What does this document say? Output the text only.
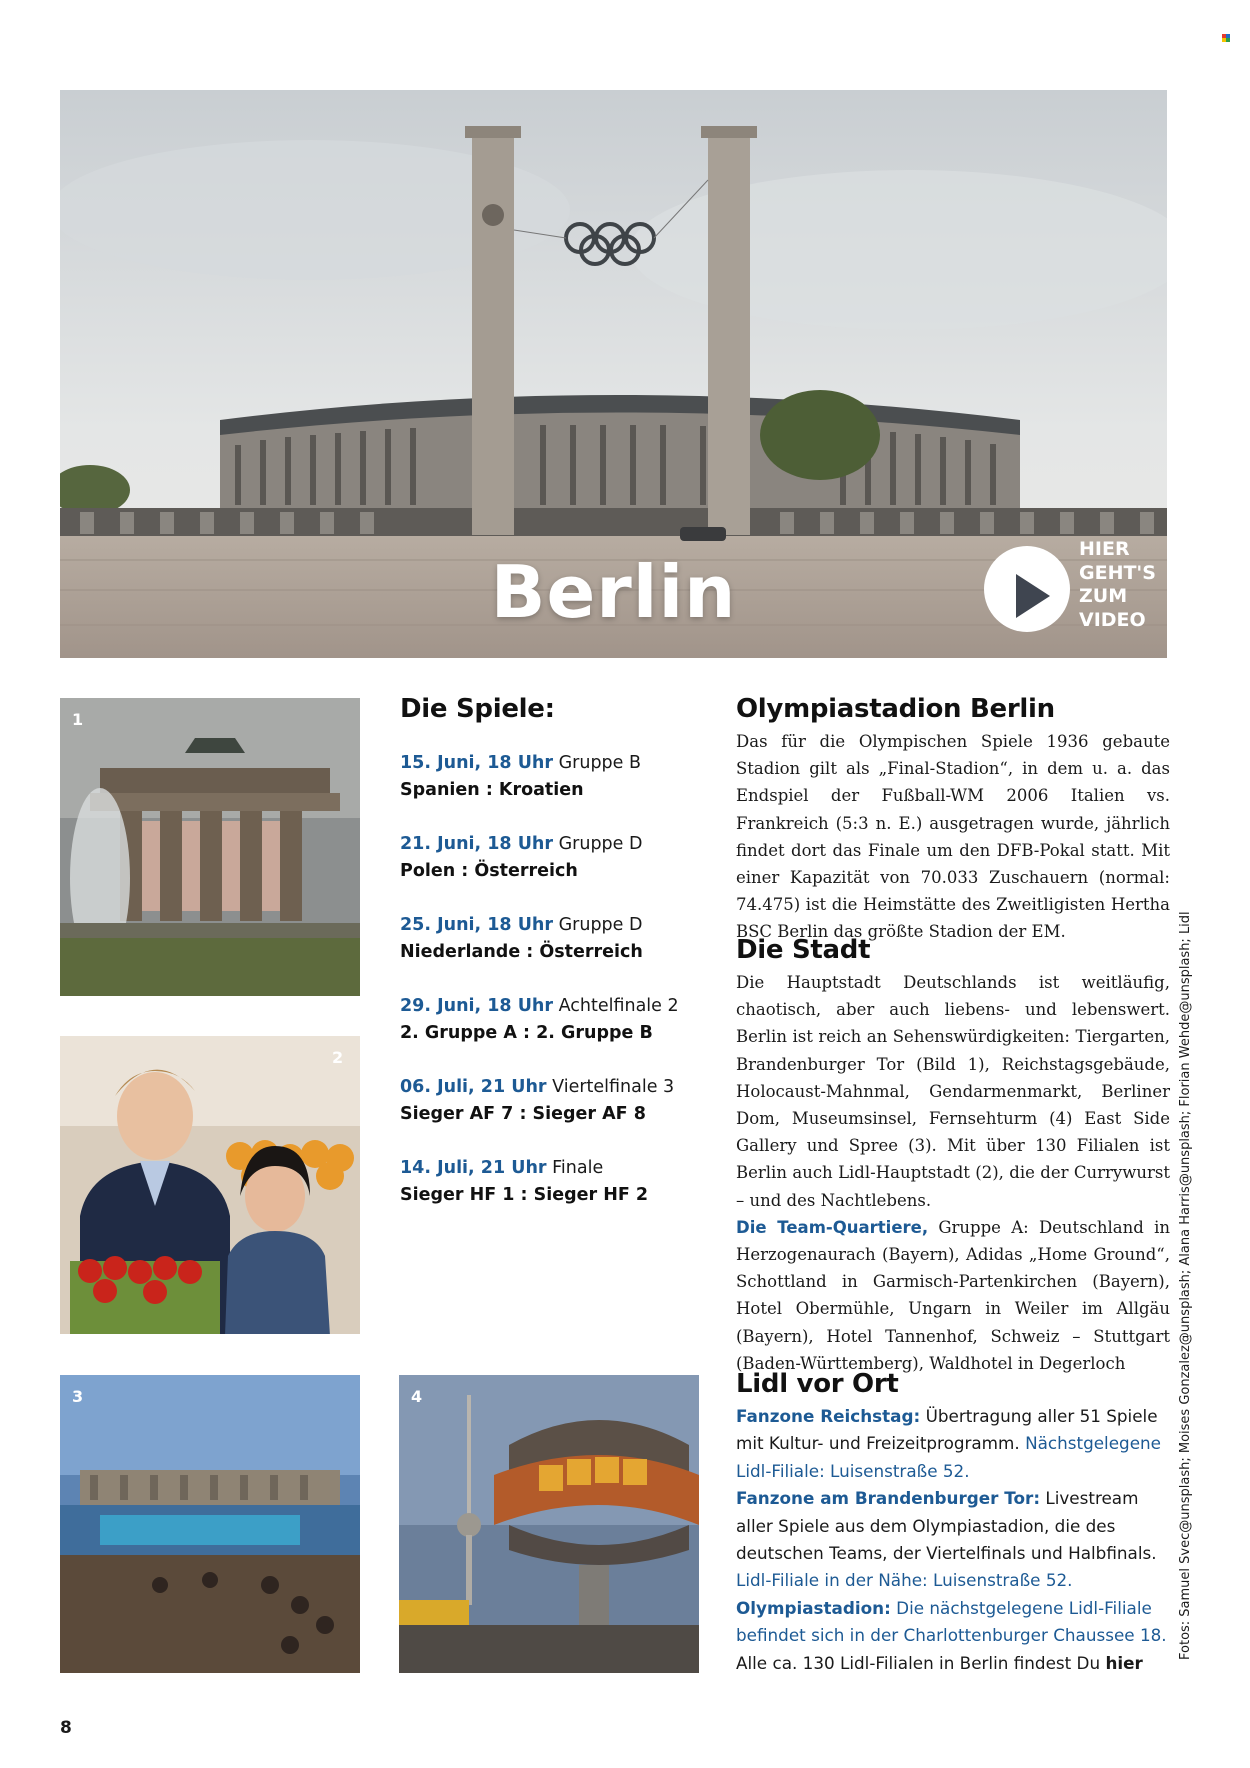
Berlin
HIER
GEHT'S
ZUM
VIDEO
1
2
3	4
Die Spiele:
15. Juni, 18 Uhr Gruppe B
Spanien : Kroatien
21. Juni, 18 Uhr Gruppe D
Polen : Österreich
25. Juni, 18 Uhr Gruppe D
Niederlande : Österreich
29. Juni, 18 Uhr Achtelfinale 2
2. Gruppe A : 2. Gruppe B
06. Juli, 21 Uhr Viertelfinale 3
Sieger AF 7 : Sieger AF 8
14. Juli, 21 Uhr Finale
Sieger HF 1 : Sieger HF 2
Olympiastadion Berlin

Das für die Olympischen Spiele 1936 gebaute Stadion gilt als „Final-Stadion“, in dem u. a. das Endspiel der Fußball-WM 2006 Italien vs. Frankreich (5:3 n. E.) ausgetragen wurde, jährlich findet dort das Finale um den DFB-Pokal statt. Mit einer Kapazität von 70.033 Zuschauern (normal: 74.475) ist die Heimstätte des Zweitligisten Hertha BSC Berlin das größte Stadion der EM.

Die Stadt

Die Hauptstadt Deutschlands ist weitläufig, chaotisch, aber auch liebens- und lebenswert. Berlin ist reich an Sehenswürdigkeiten: Tiergarten, Brandenburger Tor (Bild 1), Reichstagsgebäude, Holocaust-Mahnmal, Gendarmenmarkt, Berliner Dom, Museumsinsel, Fernsehturm (4) East Side Gallery und Spree (3). Mit über 130 Filialen ist Berlin auch Lidl-Hauptstadt (2), die der Currywurst – und des Nachtlebens.

Die Team-Quartiere, Gruppe A: Deutschland in Herzogenaurach (Bayern), Adidas „Home Ground“, Schottland in Garmisch-Partenkirchen (Bayern), Hotel Obermühle, Ungarn in Weiler im Allgäu (Bayern), Hotel Tannenhof, Schweiz – Stuttgart (Baden-Württemberg), Waldhotel in Degerloch

Lidl vor Ort

Fanzone Reichstag: Übertragung aller 51 Spiele mit Kultur- und Freizeitprogramm. Nächstgelegene Lidl-Filiale: Luisenstraße 52.

Fanzone am Brandenburger Tor: Livestream aller Spiele aus dem Olympiastadion, die des deutschen Teams, der Viertelfinals und Halbfinals. Lidl-Filiale in der Nähe: Luisenstraße 52.

Olympiastadion: Die nächstgelegene Lidl-Filiale befindet sich in der Charlottenburger Chaussee 18.

Alle ca. 130 Lidl-Filialen in Berlin findest Du hier

Fotos: Samuel Svec@unsplash; Moises Gonzalez@unsplash; Alana Harris@unsplash; Florian Wehde@unsplash; Lidl
8
